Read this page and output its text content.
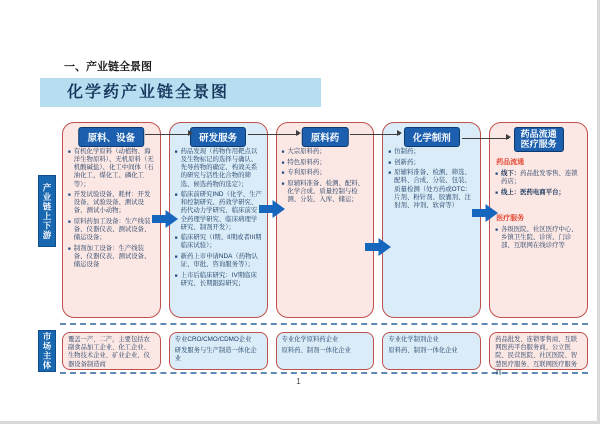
一、产业链全景图
化学药产业链全景图
产业链上下游
市场主体
原料、设备
■ 有机化学原料（动植物、海洋生物原料）、无机原料（无机酸碱盐）、化工中间体（石油化工、煤化工、磷化工等）；
■ 开发试验设备、耗材：开发设备、试验设备、测试设备、测试小动物；
■ 原料药加工设备：生产线装备、仪器仪表、测试设备、储运设备；
■ 制剂加工设备：生产线装备、仪器仪表、测试设备、储运设备
研发服务
■ 药品发现（药物作用靶点以及生物标记的选择与确认、先导药物的确定、构效关系的研究与活性化合物的筛选、候选药物的选定）；
■ 临床前研究IND（化学、生产和控制研究、药效学研究、药代动力学研究、临床前安全药理学研究、临床病理学研究、制剂开发）；
■ 临床研究（I期、II期或者III期临床试验）；
■ 新药上市申请NDA（药物认证、审批、咨询服务等）；
■ 上市后临床研究：IV期临床研究、长期跟踪研究；
原料药
■ 大宗原料药；
■ 特色原料药；
■ 专利原料药；
■ 原辅料准备、检测、配料、化学合成、质量控制与检测、分装、入库、储运；
化学制剂
■ 仿制药；
■ 创新药；
■ 原辅料准备、检测、筛选、配料、合成、分装、包装、质量检测（处方药或OTC：片剂、粉针剂、胶囊剂、注射剂、冲剂、软膏等）
药品流通
医疗服务
药品流通
■ 线下：药品批发零售、连锁药店；
■ 线上：医药电商平台；
医疗服务
■ 各级医院、社区医疗中心、乡镇卫生院、诊所、门诊部、互联网在线诊疗等
覆盖一产、二产，主要包括农副食品加工企业、化工企业、生物技术企业、矿业企业、仪器设备制造商
专业CRO/CMO/CDMO企业
研发服务与生产制造一体化企业
专业化学原料药企业
原料药、制剂一体化企业
专业化学制剂企业
原料药、制剂一体化企业
药品批发、连锁零售商、互联网医药平台服务商、公立医院、民营医院、社区医院、智慧医疗服务、互联网医疗服务商
1
